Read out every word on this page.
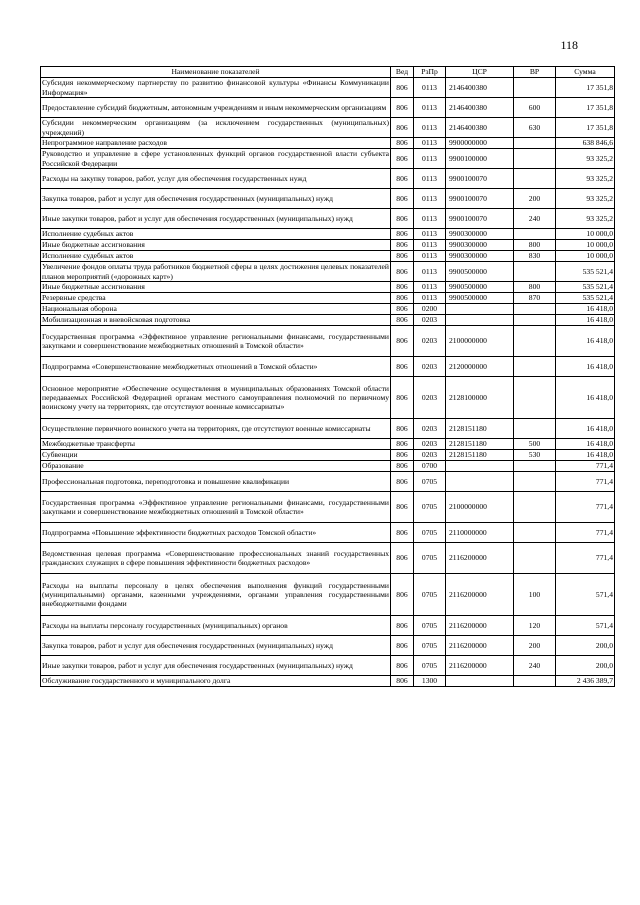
118
Наименование показателей	Вед	РзПр	ЦСР	ВР	Сумма
Субсидия некоммерческому партнерству по развитию финансовой культуры «Финансы Коммуникации Информация»	806	0113	2146400380		17 351,8
Предоставление субсидий бюджетным, автономным учреждениям и иным некоммерческим организациям	806	0113	2146400380	600	17 351,8
Субсидии некоммерческим организациям (за исключением государственных (муниципальных) учреждений)	806	0113	2146400380	630	17 351,8
Непрограммное направление расходов	806	0113	9900000000		638 846,6
Руководство и управление в сфере установленных функций органов государственной власти субъекта Российской Федерации	806	0113	9900100000		93 325,2
Расходы на закупку товаров, работ, услуг для обеспечения государственных нужд	806	0113	9900100070		93 325,2
Закупка товаров, работ и услуг для обеспечения государственных (муниципальных) нужд	806	0113	9900100070	200	93 325,2
Иные закупки товаров, работ и услуг для обеспечения государственных (муниципальных) нужд	806	0113	9900100070	240	93 325,2
Исполнение судебных актов	806	0113	9900300000		10 000,0
Иные бюджетные ассигнования	806	0113	9900300000	800	10 000,0
Исполнение судебных актов	806	0113	9900300000	830	10 000,0
Увеличение фондов оплаты труда работников бюджетной сферы в целях достижения целевых показателей планов мероприятий («дорожных карт»)	806	0113	9900500000		535 521,4
Иные бюджетные ассигнования	806	0113	9900500000	800	535 521,4
Резервные средства	806	0113	9900500000	870	535 521,4
Национальная оборона	806	0200			16 418,0
Мобилизационная и вневойсковая подготовка	806	0203			16 418,0
Государственная программа «Эффективное управление региональными финансами, государственными закупками и совершенствование межбюджетных отношений в Томской области»	806	0203	2100000000		16 418,0
Подпрограмма «Совершенствование межбюджетных отношений в Томской области»	806	0203	2120000000		16 418,0
Основное мероприятие «Обеспечение осуществления в муниципальных образованиях Томской области передаваемых Российской Федерацией органам местного самоуправления полномочий по первичному воинскому учету на территориях, где отсутствуют военные комиссариаты»	806	0203	2128100000		16 418,0
Осуществление первичного воинского учета на территориях, где отсутствуют военные комиссариаты	806	0203	2128151180		16 418,0
Межбюджетные трансферты	806	0203	2128151180	500	16 418,0
Субвенции	806	0203	2128151180	530	16 418,0
Образование	806	0700			771,4
Профессиональная подготовка, переподготовка и повышение квалификации	806	0705			771,4
Государственная программа «Эффективное управление региональными финансами, государственными закупками и совершенствование межбюджетных отношений в Томской области»	806	0705	2100000000		771,4
Подпрограмма «Повышение эффективности бюджетных расходов Томской области»	806	0705	2110000000		771,4
Ведомственная целевая программа «Совершенствование профессиональных знаний государственных гражданских служащих в сфере повышения эффективности бюджетных расходов»	806	0705	2116200000		771,4
Расходы на выплаты персоналу в целях обеспечения выполнения функций государственными (муниципальными) органами, казенными учреждениями, органами управления государственными внебюджетными фондами	806	0705	2116200000	100	571,4
Расходы на выплаты персоналу государственных (муниципальных) органов	806	0705	2116200000	120	571,4
Закупка товаров, работ и услуг для обеспечения государственных (муниципальных) нужд	806	0705	2116200000	200	200,0
Иные закупки товаров, работ и услуг для обеспечения государственных (муниципальных) нужд	806	0705	2116200000	240	200,0
Обслуживание государственного и муниципального долга	806	1300			2 436 389,7
